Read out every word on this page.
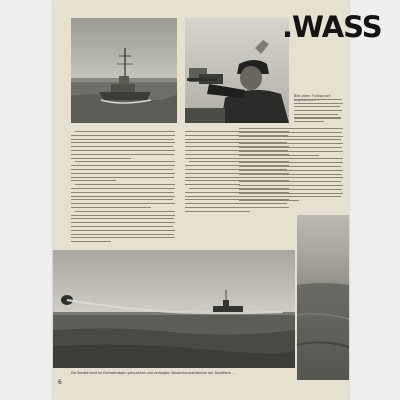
.WASS
Bild unten: Funkspruch
Die Bombe sinkt im Drehwendigen getauchten und verfolgten Wasserbombenleichen der Seeoffene ...
6
